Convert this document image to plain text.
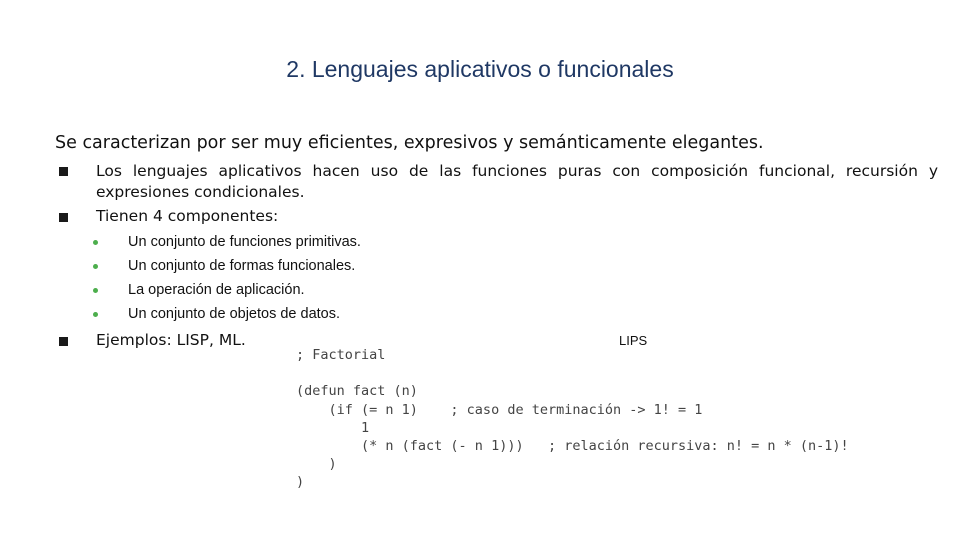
2. Lenguajes aplicativos o funcionales
Se caracterizan por ser muy eficientes, expresivos y semánticamente elegantes.
Los lenguajes aplicativos hacen uso de las funciones puras con composición funcional, recursión y expresiones condicionales.
Tienen 4 componentes:
Un conjunto de funciones primitivas.
Un conjunto de formas funcionales.
La operación de aplicación.
Un conjunto de objetos de datos.
Ejemplos: LISP, ML.	LIPS
; Factorial

(defun fact (n)
(if (= n 1)    ; caso de terminación -> 1! = 1
1
(* n (fact (- n 1)))   ; relación recursiva: n! = n * (n-1)!
)
)
